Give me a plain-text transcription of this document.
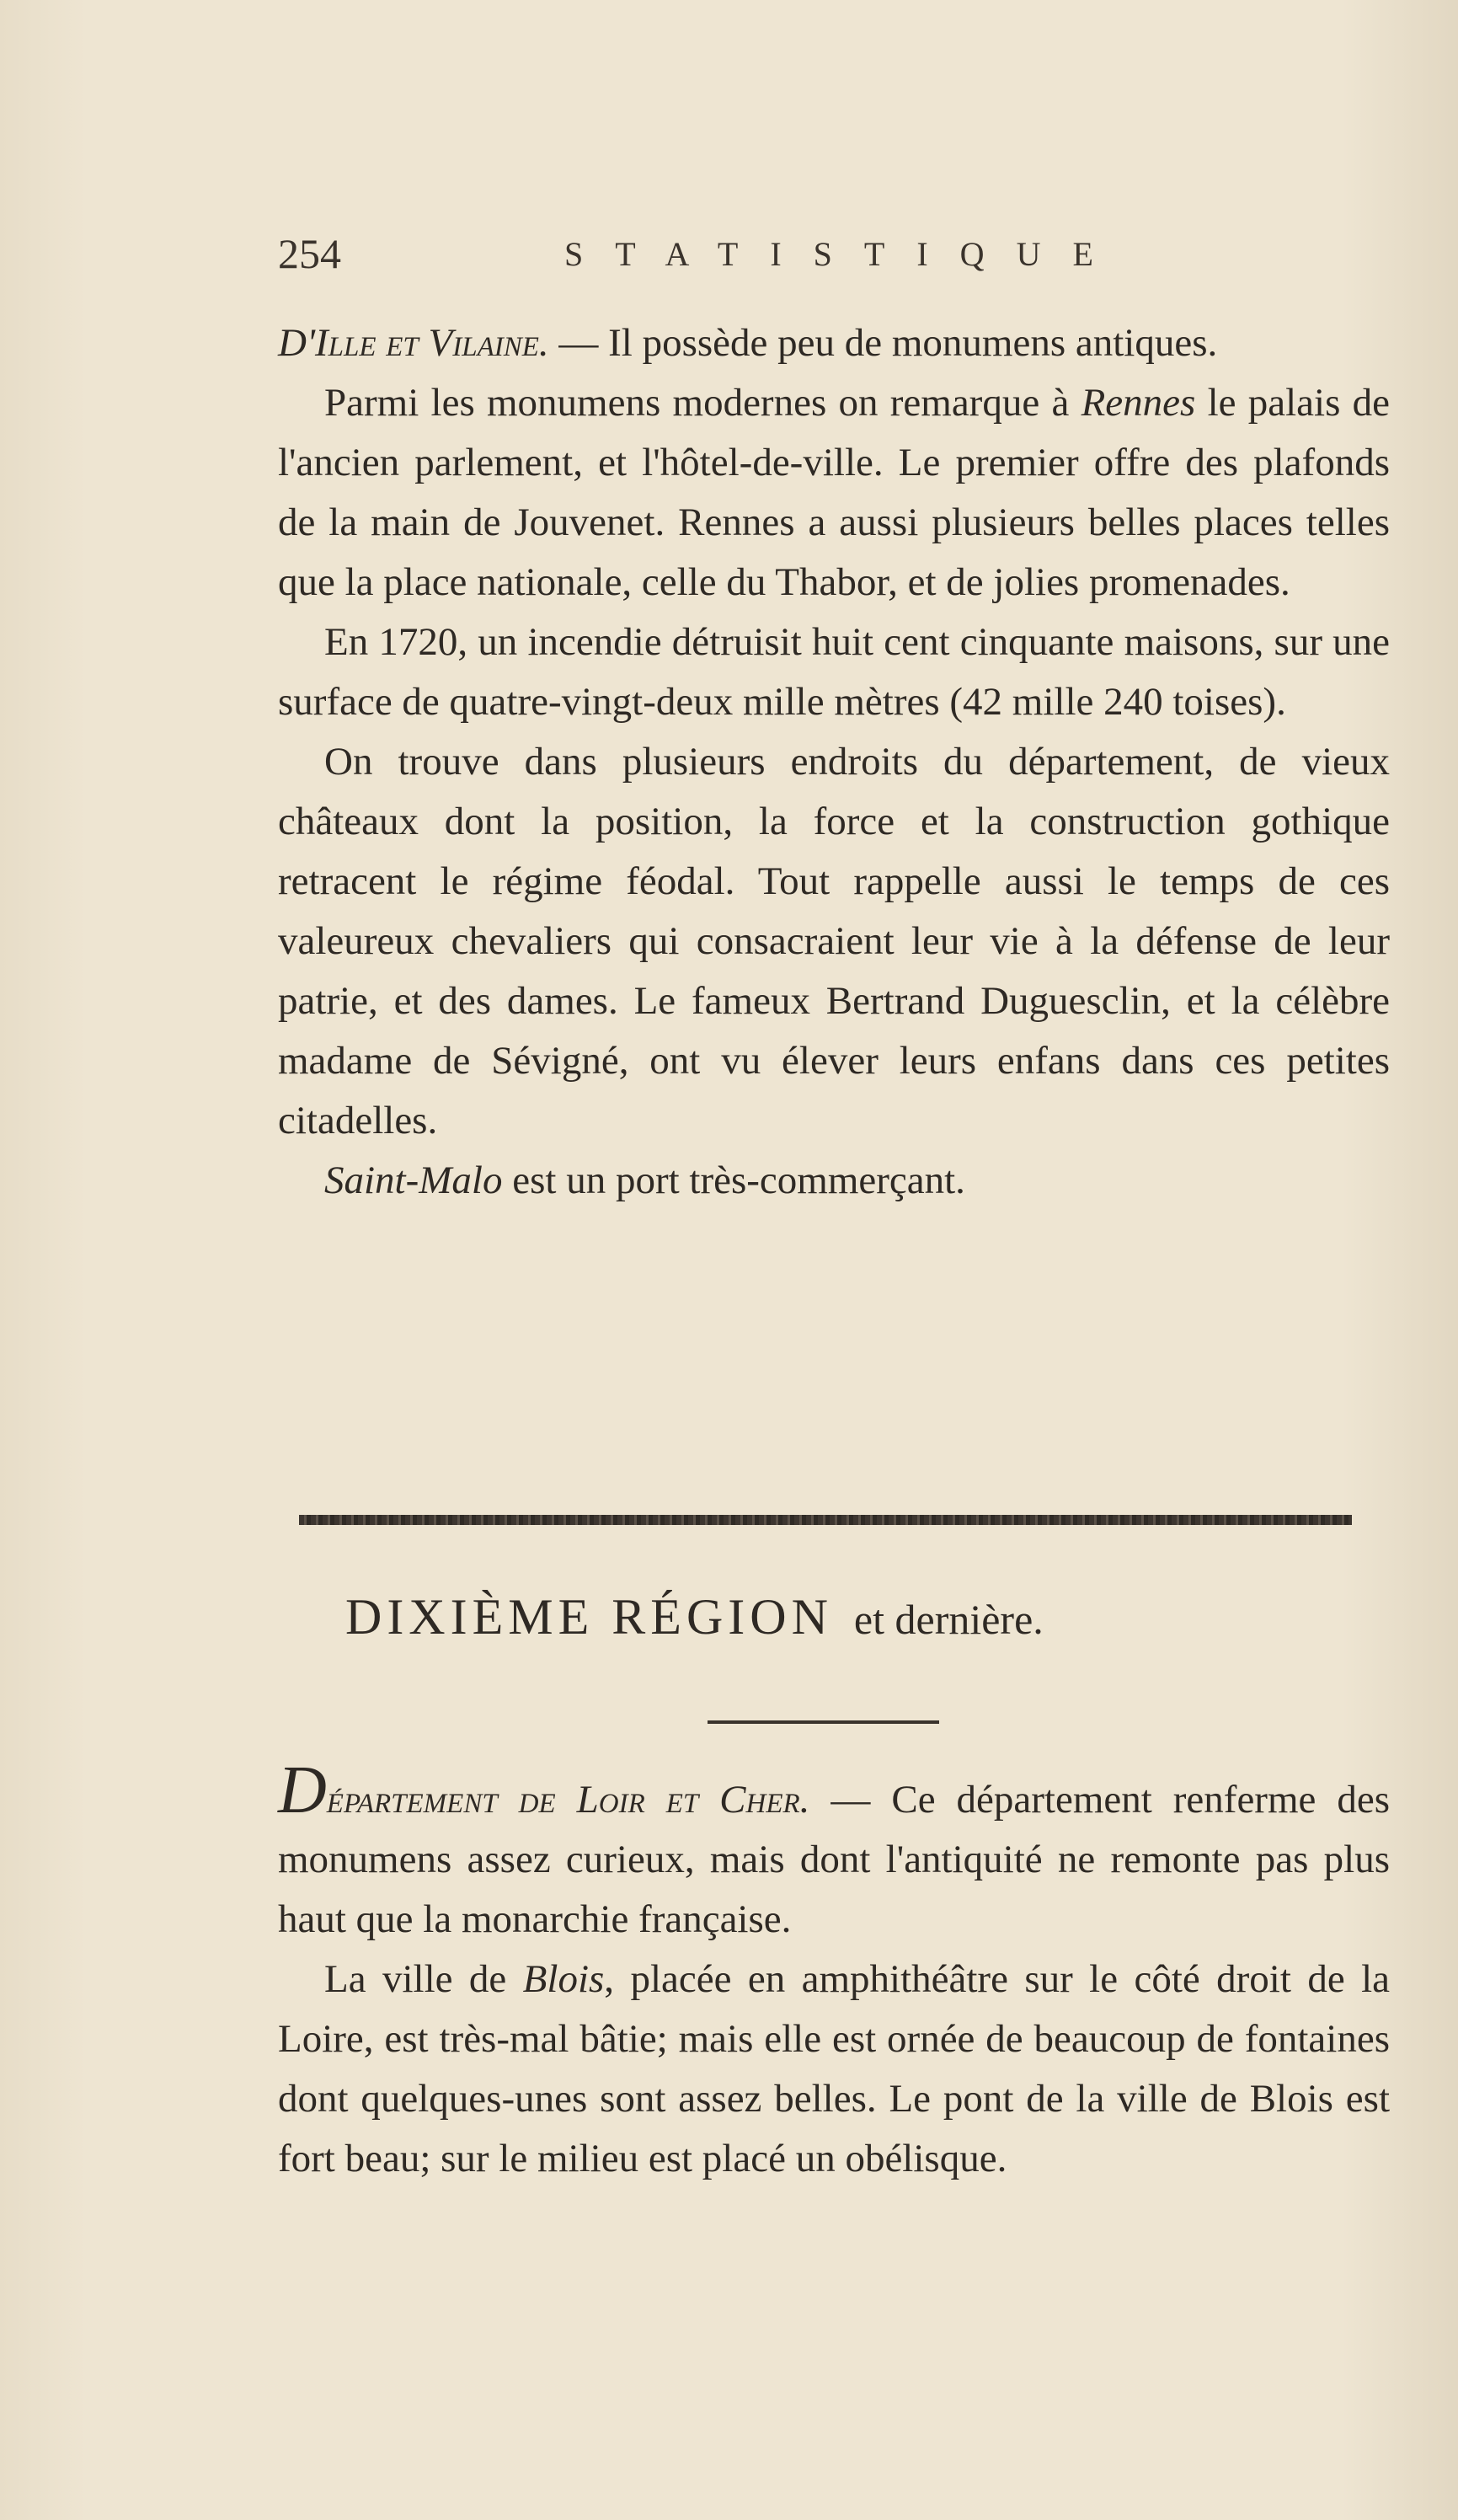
254	STATISTIQUE

D'Ille et Vilaine. — Il possède peu de monumens antiques.

Parmi les monumens modernes on remarque à Rennes le palais de l'ancien parlement, et l'hôtel-de-ville. Le premier offre des plafonds de la main de Jouvenet. Rennes a aussi plusieurs belles places telles que la place nationale, celle du Thabor, et de jolies promenades.

En 1720, un incendie détruisit huit cent cinquante maisons, sur une surface de quatre-vingt-deux mille mètres (42 mille 240 toises).

On trouve dans plusieurs endroits du département, de vieux châteaux dont la position, la force et la construction gothique retracent le régime féodal. Tout rappelle aussi le temps de ces valeureux chevaliers qui consacraient leur vie à la défense de leur patrie, et des dames. Le fameux Bertrand Duguesclin, et la célèbre madame de Sévigné, ont vu élever leurs enfans dans ces petites citadelles.

Saint-Malo est un port très-commerçant.

DIXIÈME RÉGION et dernière.

Département de Loir et Cher. — Ce département renferme des monumens assez curieux, mais dont l'antiquité ne remonte pas plus haut que la monarchie française.

La ville de Blois, placée en amphithéâtre sur le côté droit de la Loire, est très-mal bâtie; mais elle est ornée de beaucoup de fontaines dont quelques-unes sont assez belles. Le pont de la ville de Blois est fort beau; sur le milieu est placé un obélisque.
